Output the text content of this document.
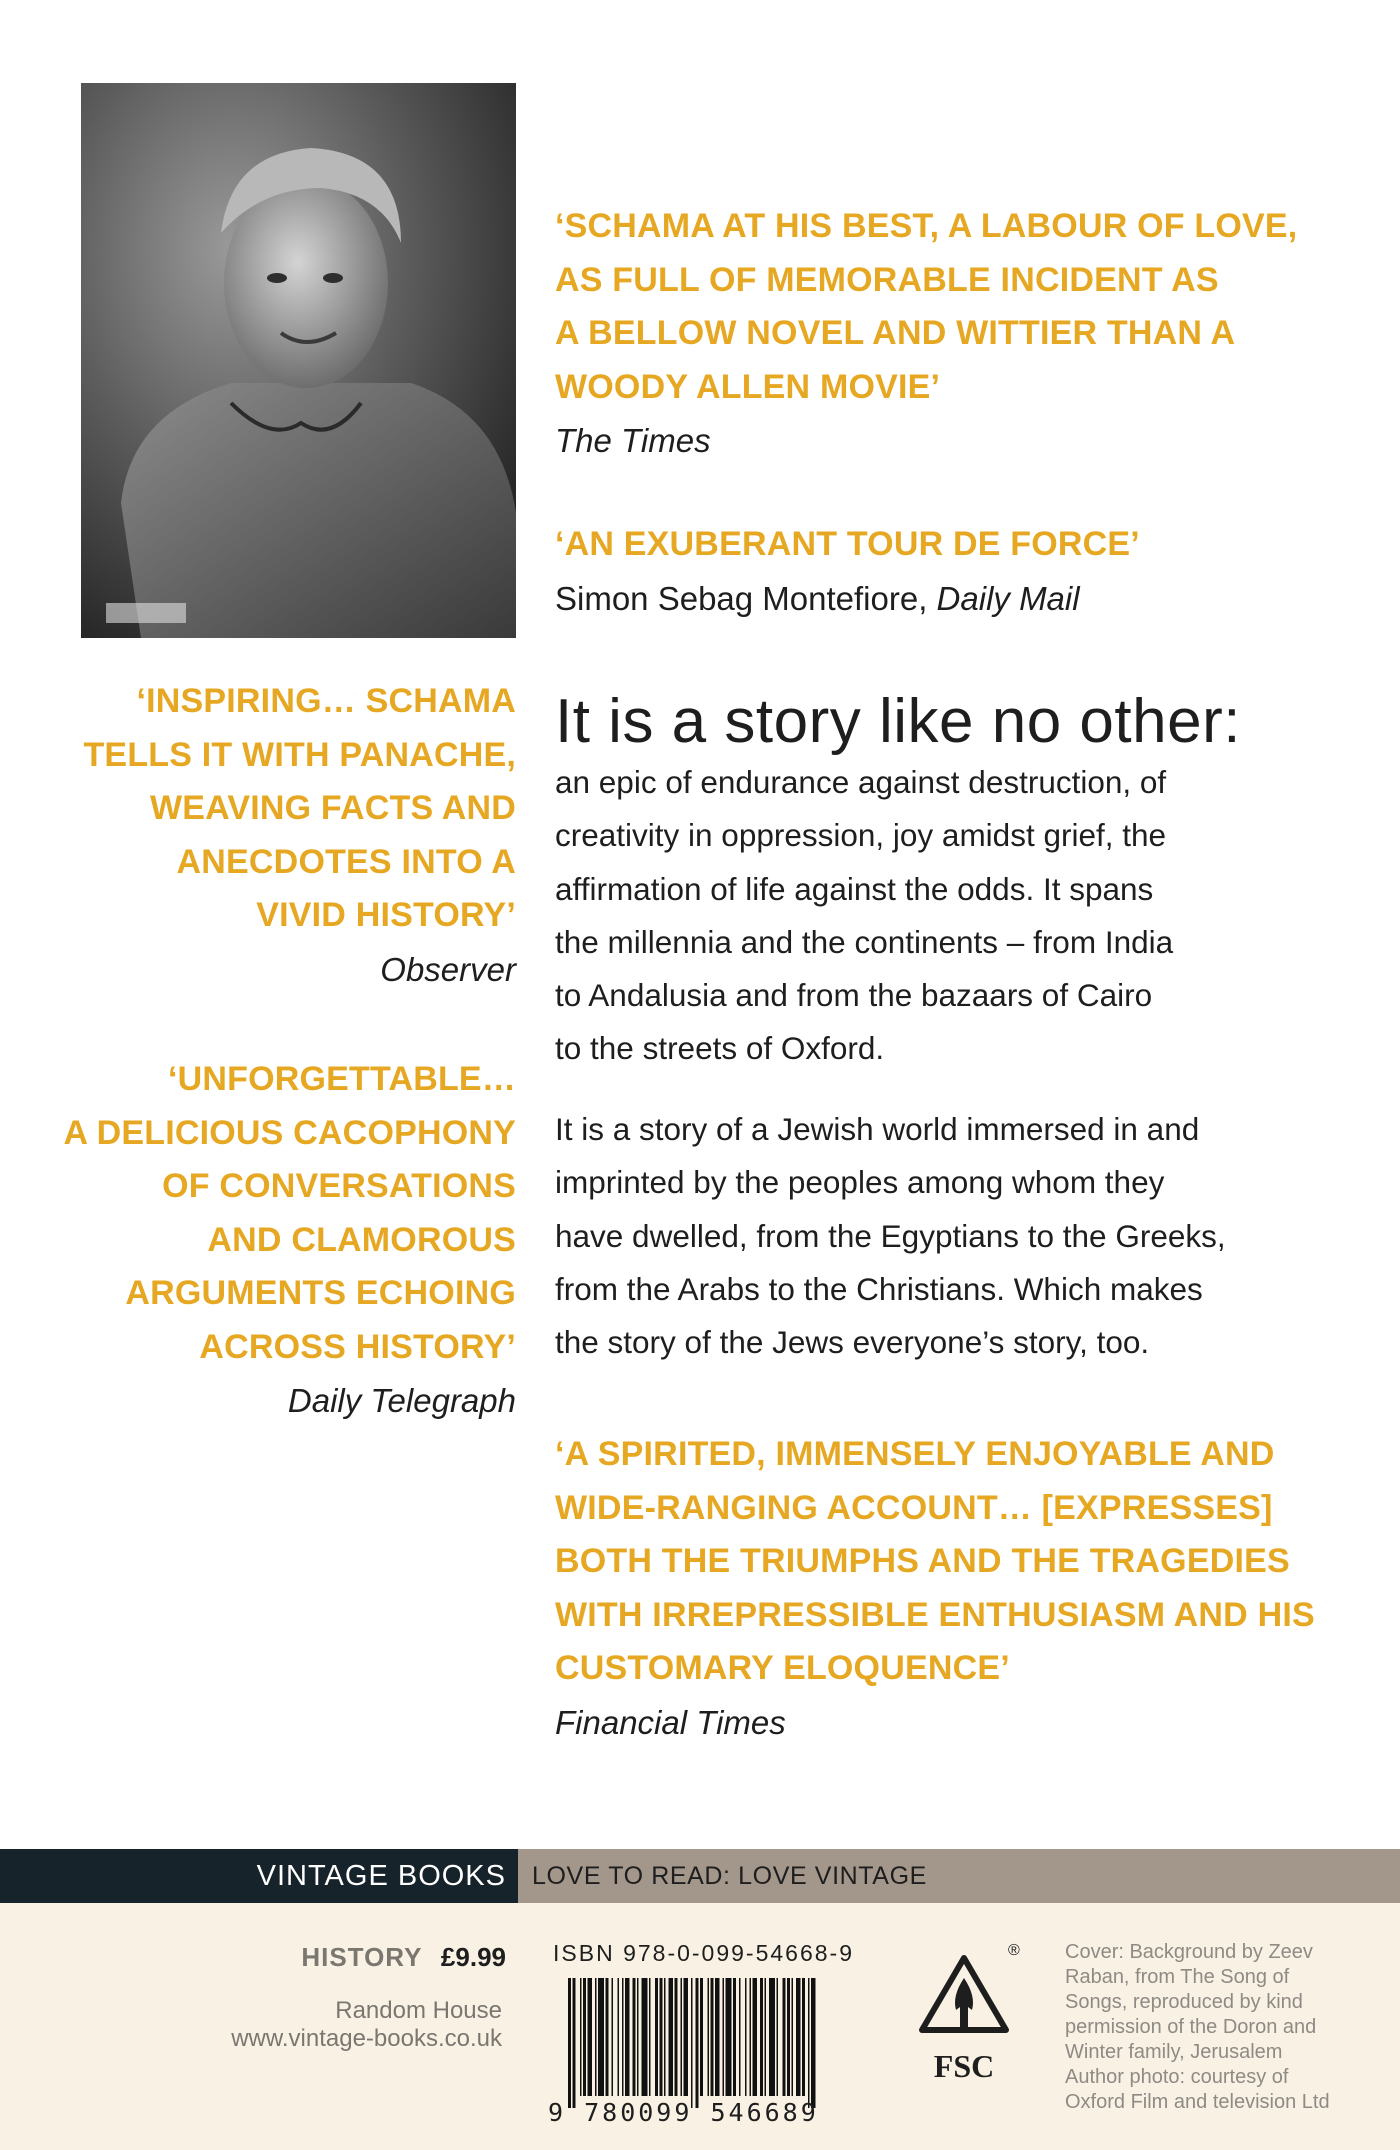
‘SCHAMA AT HIS BEST, A LABOUR OF LOVE,
AS FULL OF MEMORABLE INCIDENT AS
A BELLOW NOVEL AND WITTIER THAN A
WOODY ALLEN MOVIE’
The Times
‘AN EXUBERANT TOUR DE FORCE’
Simon Sebag Montefiore, Daily Mail
‘INSPIRING… SCHAMA
TELLS IT WITH PANACHE,
WEAVING FACTS AND
ANECDOTES INTO A
VIVID HISTORY’
Observer
‘UNFORGETTABLE…
A DELICIOUS CACOPHONY
OF CONVERSATIONS
AND CLAMOROUS
ARGUMENTS ECHOING
ACROSS HISTORY’
Daily Telegraph
It is a story like no other:
an epic of endurance against destruction, of
creativity in oppression, joy amidst grief, the
affirmation of life against the odds. It spans
the millennia and the continents – from India
to Andalusia and from the bazaars of Cairo
to the streets of Oxford.
It is a story of a Jewish world immersed in and
imprinted by the peoples among whom they
have dwelled, from the Egyptians to the Greeks,
from the Arabs to the Christians. Which makes
the story of the Jews everyone’s story, too.
‘A SPIRITED, IMMENSELY ENJOYABLE AND
WIDE-RANGING ACCOUNT… [EXPRESSES]
BOTH THE TRIUMPHS AND THE TRAGEDIES
WITH IRREPRESSIBLE ENTHUSIASM AND HIS
CUSTOMARY ELOQUENCE’
Financial Times
VINTAGE BOOKS	LOVE TO READ: LOVE VINTAGE
HISTORY £9.99
Random House
www.vintage-books.co.uk
ISBN 978-0-099-54668-9
9 780099 546689
FSC
® Cover: Background by Zeev
Raban, from The Song of
Songs, reproduced by kind
permission of the Doron and
Winter family, Jerusalem
Author photo: courtesy of
Oxford Film and television Ltd
